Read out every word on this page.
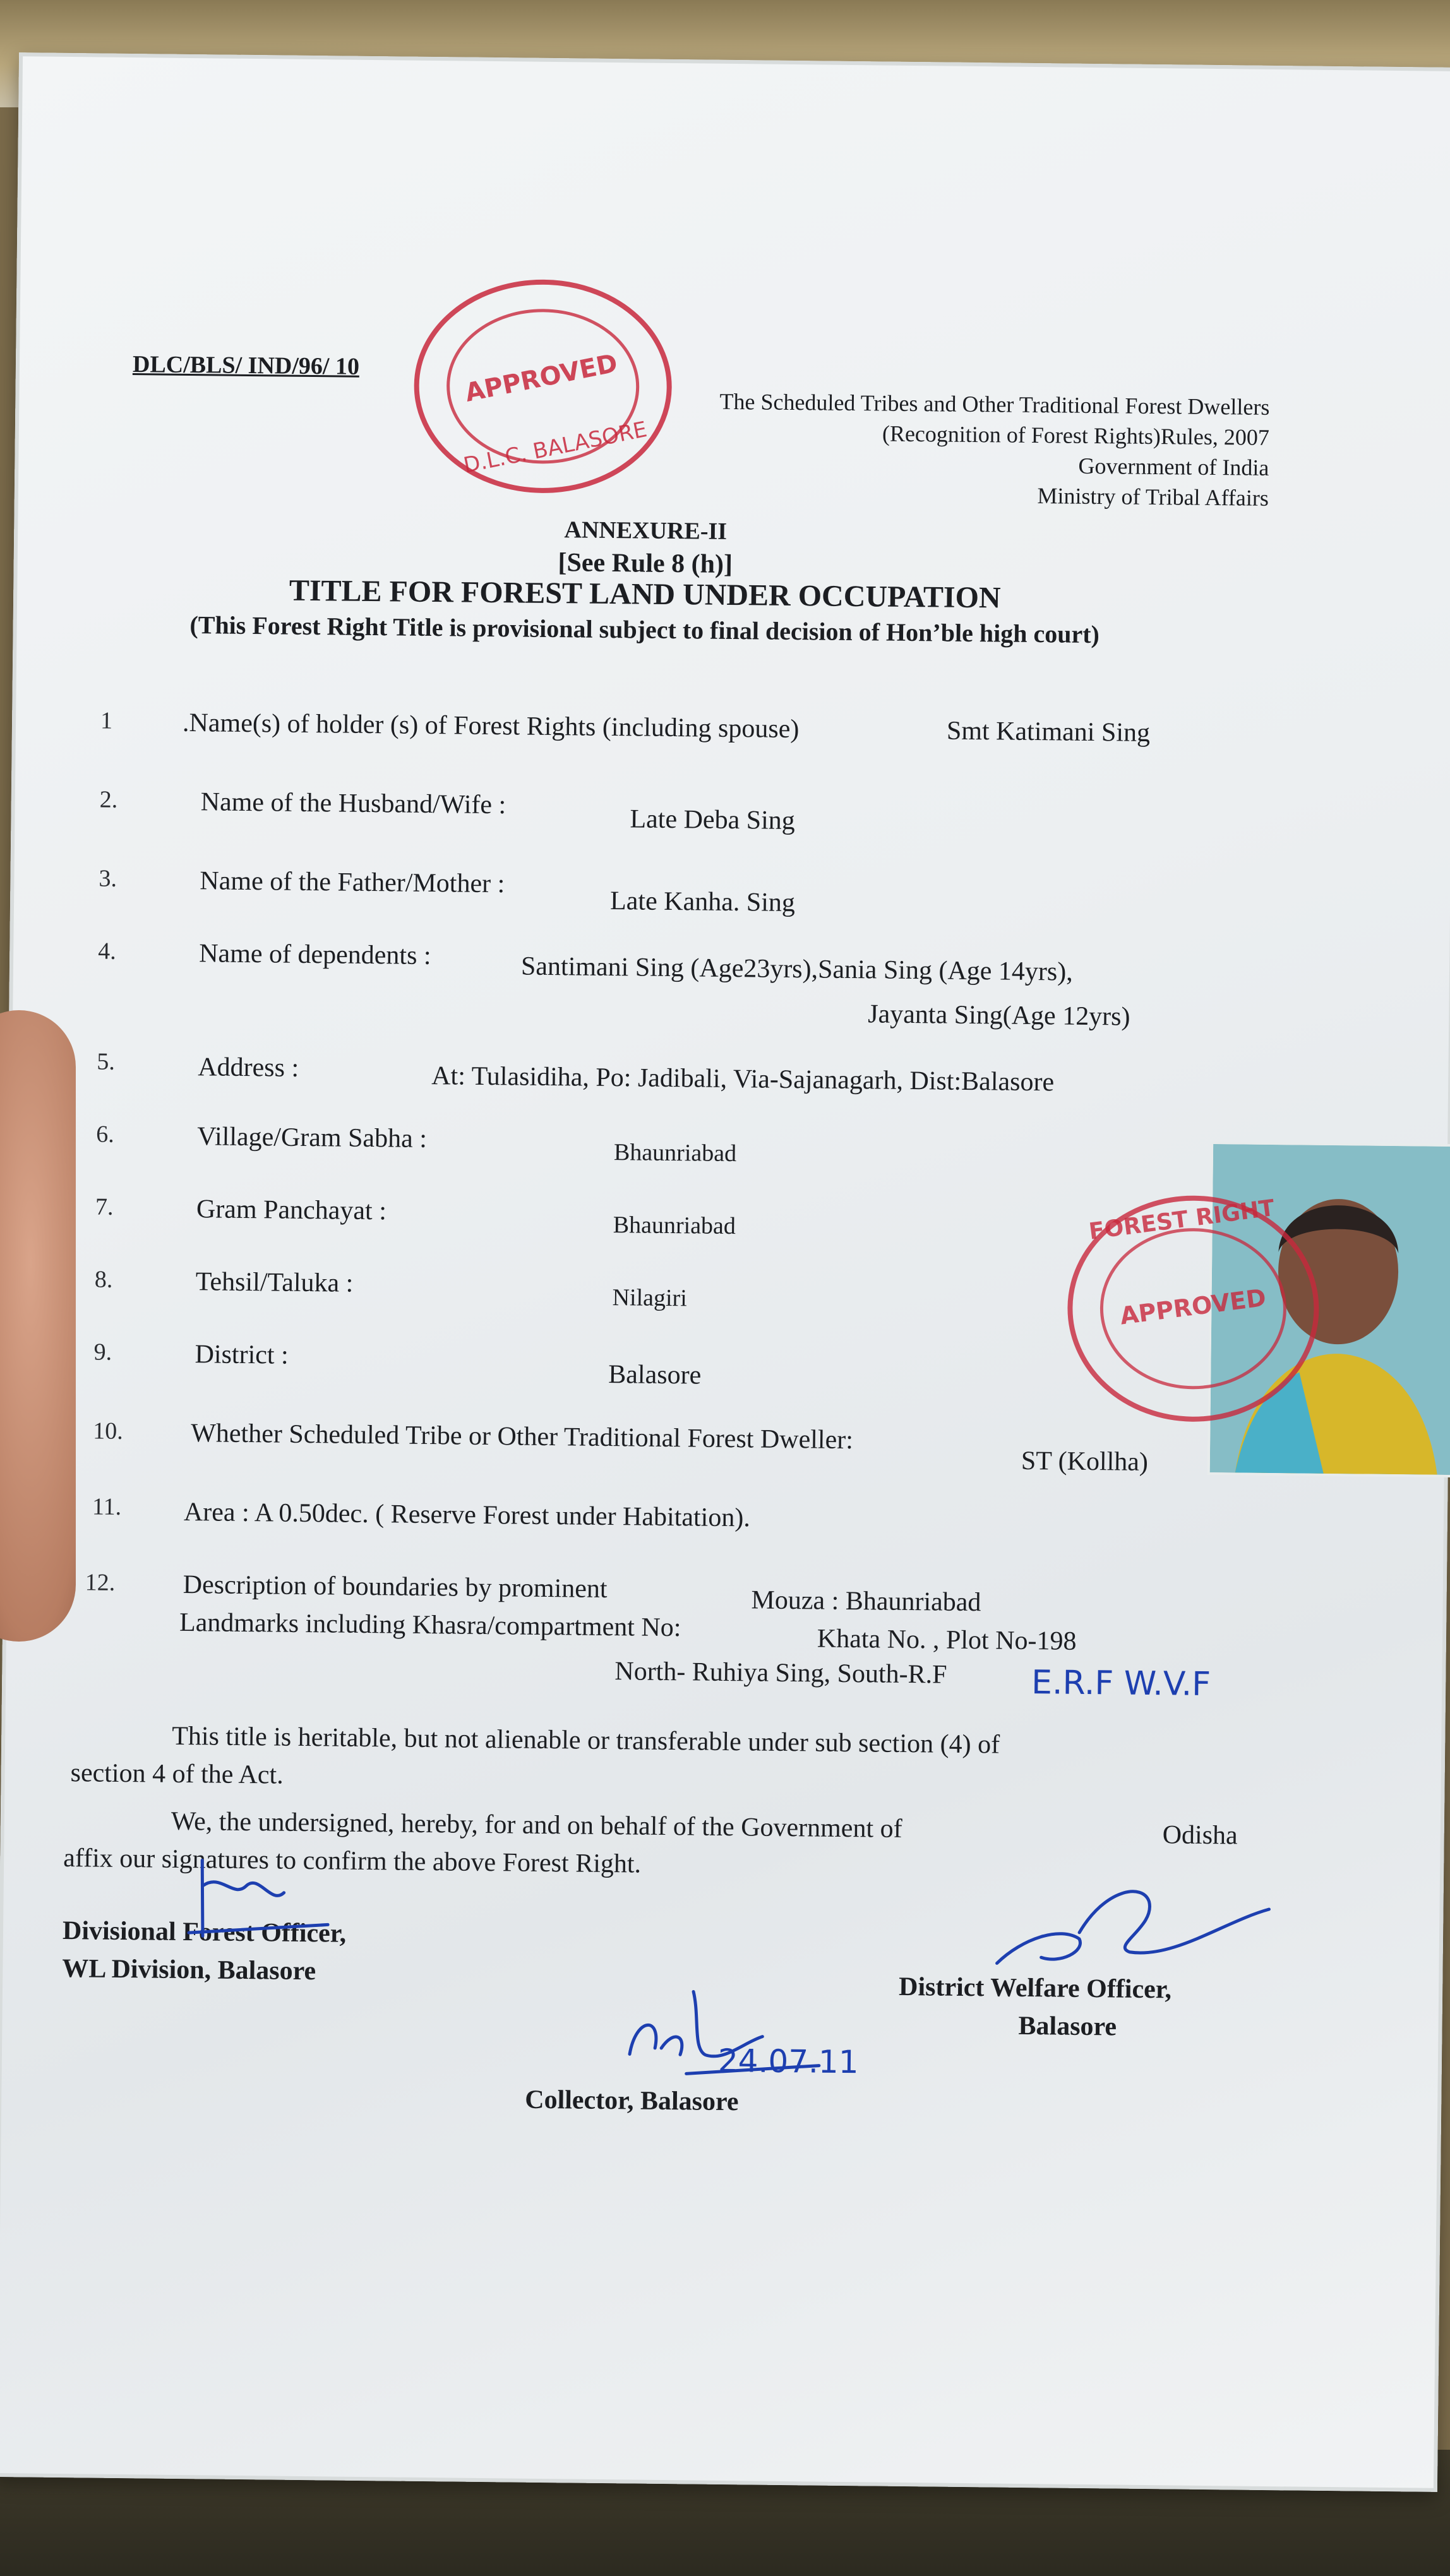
DLC/BLS/ IND/96/ 10	APPROVED
D.L.C. BALASORE
The Scheduled Tribes and Other Traditional Forest Dwellers
(Recognition of Forest Rights)Rules, 2007
Government of India
Ministry of Tribal Affairs
ANNEXURE-II
[See Rule 8 (h)]
TITLE FOR FOREST LAND UNDER OCCUPATION
(This Forest Right Title is provisional subject to final decision of Hon’ble high court)
1	.Name(s) of holder (s) of Forest Rights (including spouse)	Smt Katimani Sing
2.	Name of the Husband/Wife :
Late Deba Sing
3.	Name of the Father/Mother :
Late Kanha. Sing
4.	Name of dependents :	Santimani Sing (Age23yrs),Sania Sing (Age 14yrs),
Jayanta Sing(Age 12yrs)
5.	Address :	At: Tulasidiha, Po: Jadibali, Via-Sajanagarh, Dist:Balasore
6.	Village/Gram Sabha :	Bhaunriabad
7.	Gram Panchayat :	Bhaunriabad
8.	Tehsil/Taluka :	Nilagiri
9.	District :
Balasore
10.	Whether Scheduled Tribe or Other Traditional Forest Dweller:
ST (Kollha)
11. Area : A 0.50dec. ( Reserve Forest under Habitation).
12.	Description of boundaries by prominent	Mouza : Bhaunriabad
Landmarks including Khasra/compartment No:	Khata No. , Plot No-198
North- Ruhiya Sing, South-R.F	E.R.F W.V.F
This title is heritable, but not alienable or transferable under sub section (4) of
section 4 of the Act.
We, the undersigned, hereby, for and on behalf of the Government of	Odisha
affix our signatures to confirm the above Forest Right.
Divisional Forest Officer,
WL Division, Balasore
District Welfare Officer,
Balasore
Collector, Balasore
24.07.11
APPROVED
FOREST RIGHT
